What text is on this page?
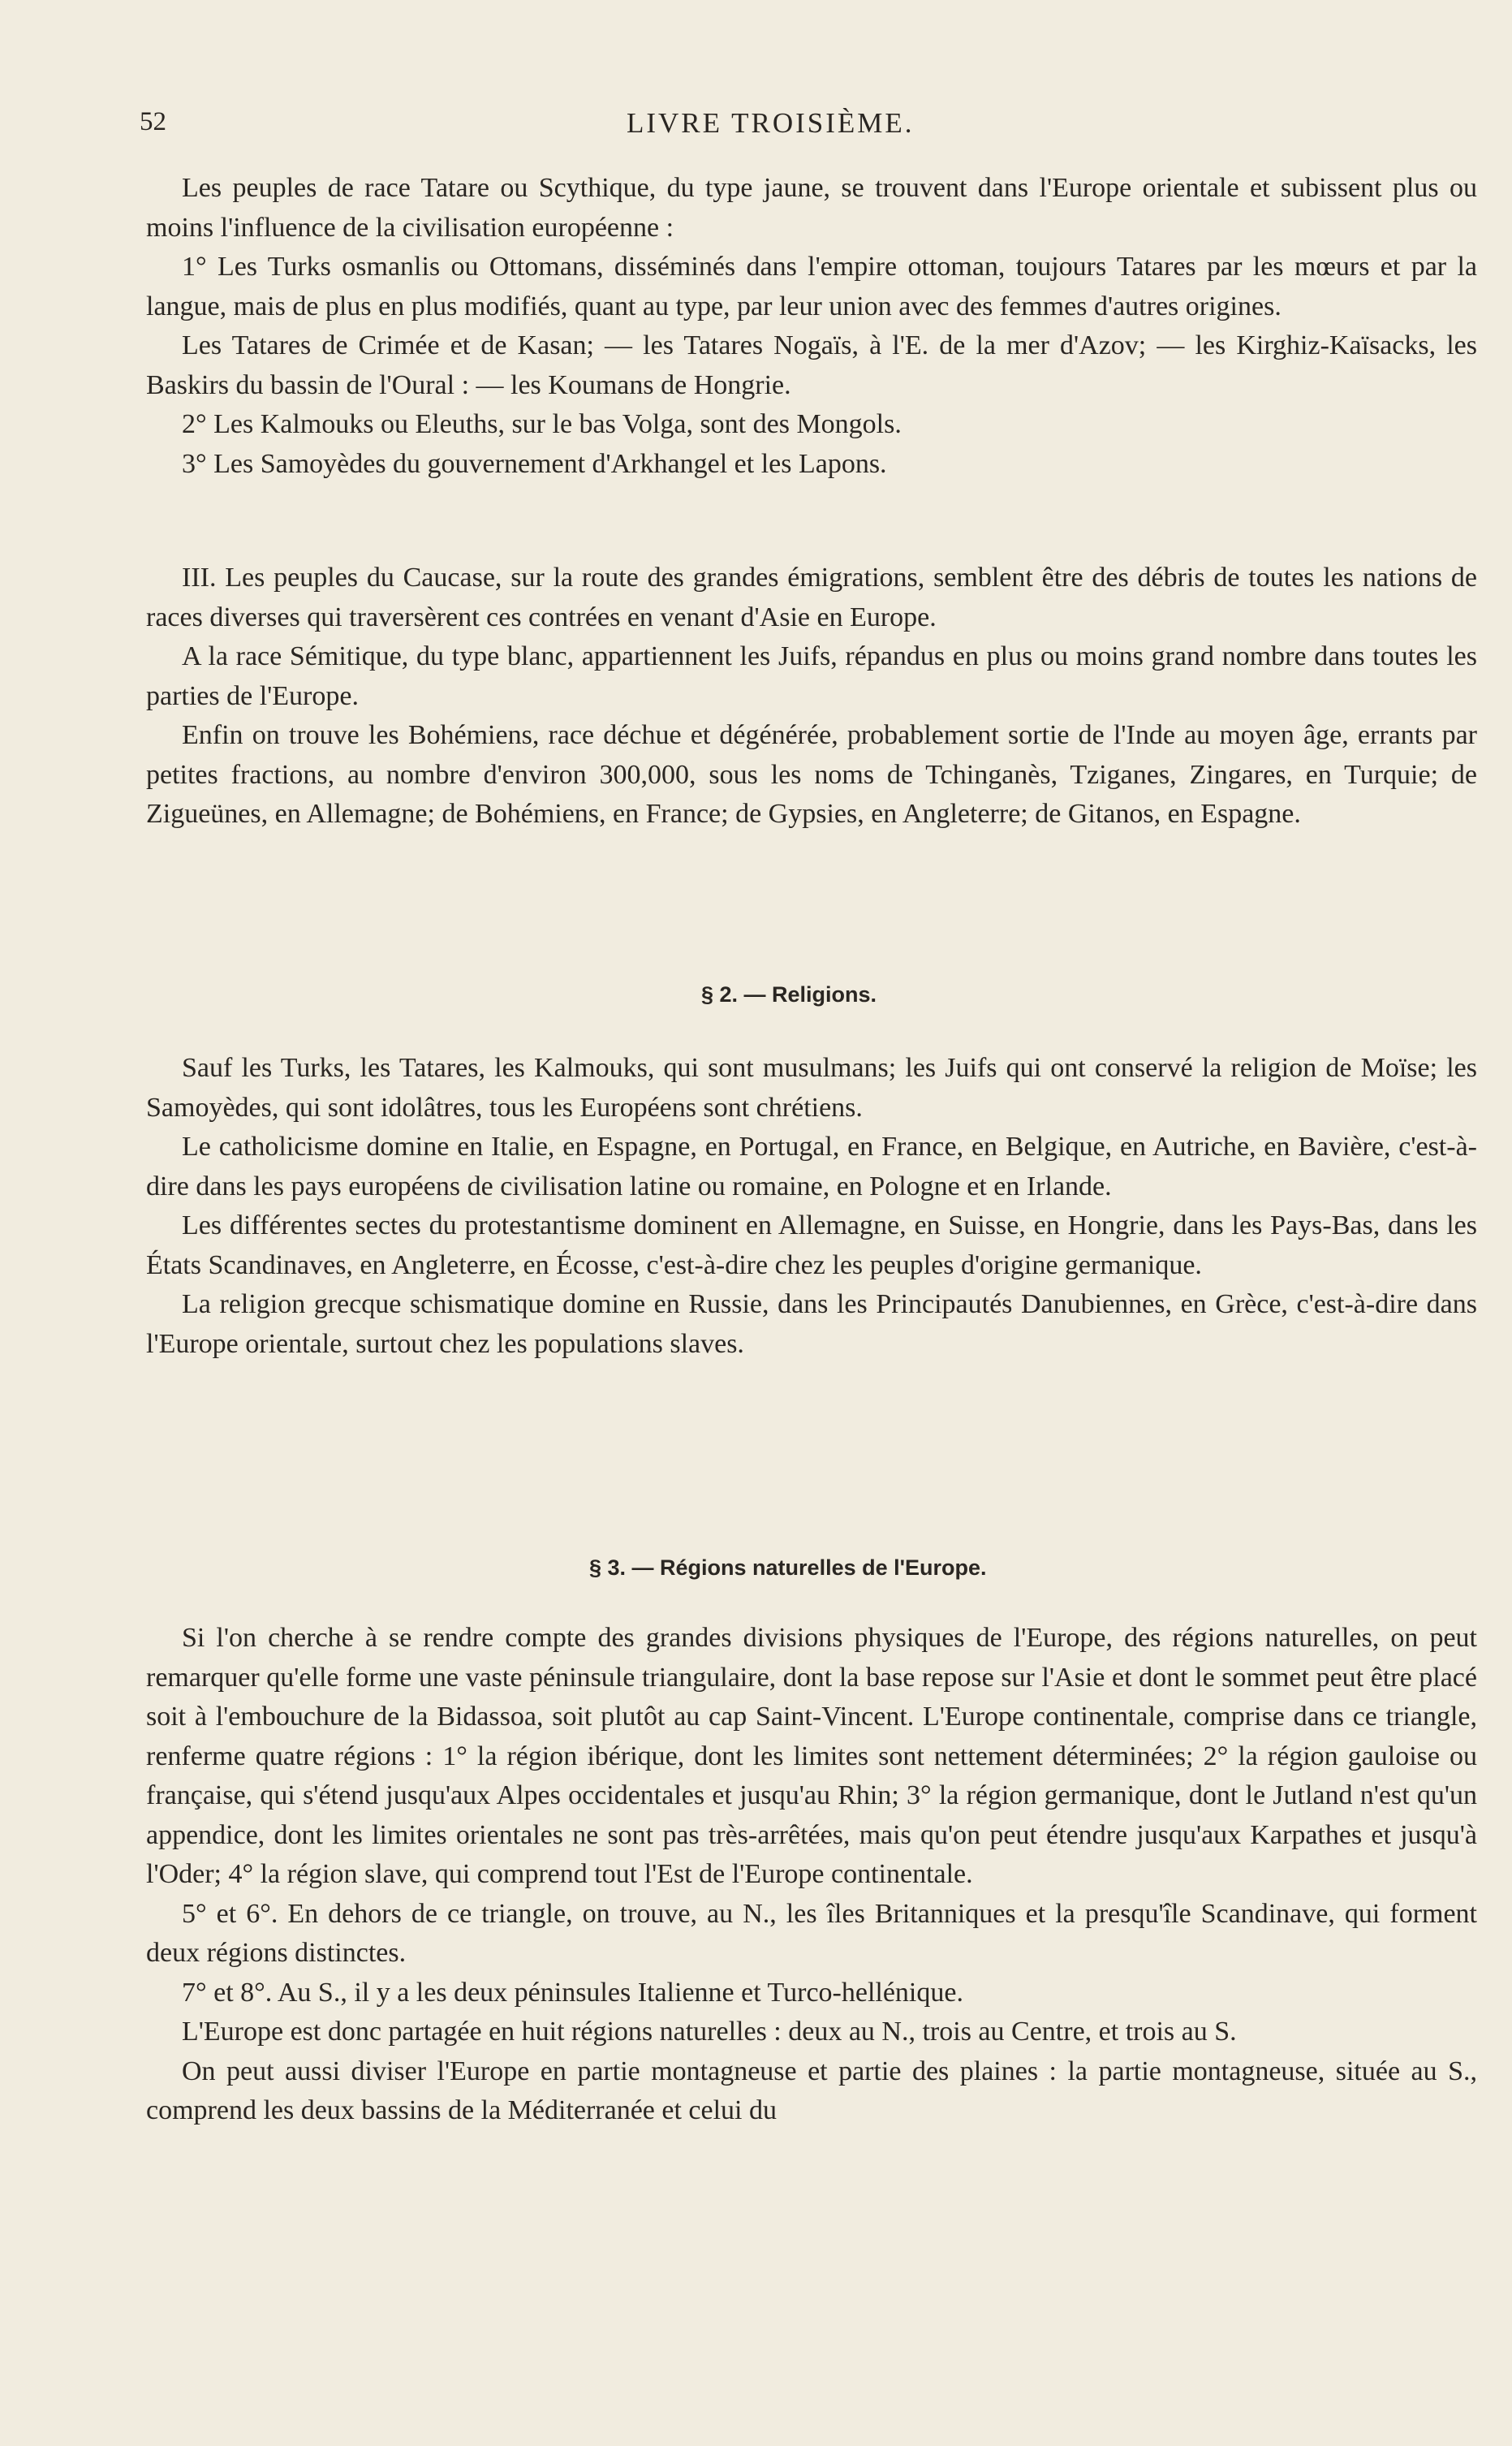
52	LIVRE TROISIÈME.

Les peuples de race Tatare ou Scythique, du type jaune, se trouvent dans l'Europe orientale et subissent plus ou moins l'influence de la civilisation européenne :

1° Les Turks osmanlis ou Ottomans, disséminés dans l'empire ottoman, toujours Tatares par les mœurs et par la langue, mais de plus en plus modifiés, quant au type, par leur union avec des femmes d'autres origines.

Les Tatares de Crimée et de Kasan; — les Tatares Nogaïs, à l'E. de la mer d'Azov; — les Kirghiz-Kaïsacks, les Baskirs du bassin de l'Oural : — les Koumans de Hongrie.

2° Les Kalmouks ou Eleuths, sur le bas Volga, sont des Mongols.

3° Les Samoyèdes du gouvernement d'Arkhangel et les Lapons.

III. Les peuples du Caucase, sur la route des grandes émigrations, semblent être des débris de toutes les nations de races diverses qui traversèrent ces contrées en venant d'Asie en Europe.

A la race Sémitique, du type blanc, appartiennent les Juifs, répandus en plus ou moins grand nombre dans toutes les parties de l'Europe.

Enfin on trouve les Bohémiens, race déchue et dégénérée, probablement sortie de l'Inde au moyen âge, errants par petites fractions, au nombre d'environ 300,000, sous les noms de Tchinganès, Tziganes, Zingares, en Turquie; de Zigueünes, en Allemagne; de Bohémiens, en France; de Gypsies, en Angleterre; de Gitanos, en Espagne.

§ 2. — Religions.

Sauf les Turks, les Tatares, les Kalmouks, qui sont musulmans; les Juifs qui ont conservé la religion de Moïse; les Samoyèdes, qui sont idolâtres, tous les Européens sont chrétiens.

Le catholicisme domine en Italie, en Espagne, en Portugal, en France, en Belgique, en Autriche, en Bavière, c'est-à-dire dans les pays européens de civilisation latine ou romaine, en Pologne et en Irlande.

Les différentes sectes du protestantisme dominent en Allemagne, en Suisse, en Hongrie, dans les Pays-Bas, dans les États Scandinaves, en Angleterre, en Écosse, c'est-à-dire chez les peuples d'origine germanique.

La religion grecque schismatique domine en Russie, dans les Principautés Danubiennes, en Grèce, c'est-à-dire dans l'Europe orientale, surtout chez les populations slaves.

§ 3. — Régions naturelles de l'Europe.

Si l'on cherche à se rendre compte des grandes divisions physiques de l'Europe, des régions naturelles, on peut remarquer qu'elle forme une vaste péninsule triangulaire, dont la base repose sur l'Asie et dont le sommet peut être placé soit à l'embouchure de la Bidassoa, soit plutôt au cap Saint-Vincent. L'Europe continentale, comprise dans ce triangle, renferme quatre régions : 1° la région ibérique, dont les limites sont nettement déterminées; 2° la région gauloise ou française, qui s'étend jusqu'aux Alpes occidentales et jusqu'au Rhin; 3° la région germanique, dont le Jutland n'est qu'un appendice, dont les limites orientales ne sont pas très-arrêtées, mais qu'on peut étendre jusqu'aux Karpathes et jusqu'à l'Oder; 4° la région slave, qui comprend tout l'Est de l'Europe continentale.

5° et 6°. En dehors de ce triangle, on trouve, au N., les îles Britanniques et la presqu'île Scandinave, qui forment deux régions distinctes.

7° et 8°. Au S., il y a les deux péninsules Italienne et Turco-hellénique.

L'Europe est donc partagée en huit régions naturelles : deux au N., trois au Centre, et trois au S.

On peut aussi diviser l'Europe en partie montagneuse et partie des plaines : la partie montagneuse, située au S., comprend les deux bassins de la Méditerranée et celui du
